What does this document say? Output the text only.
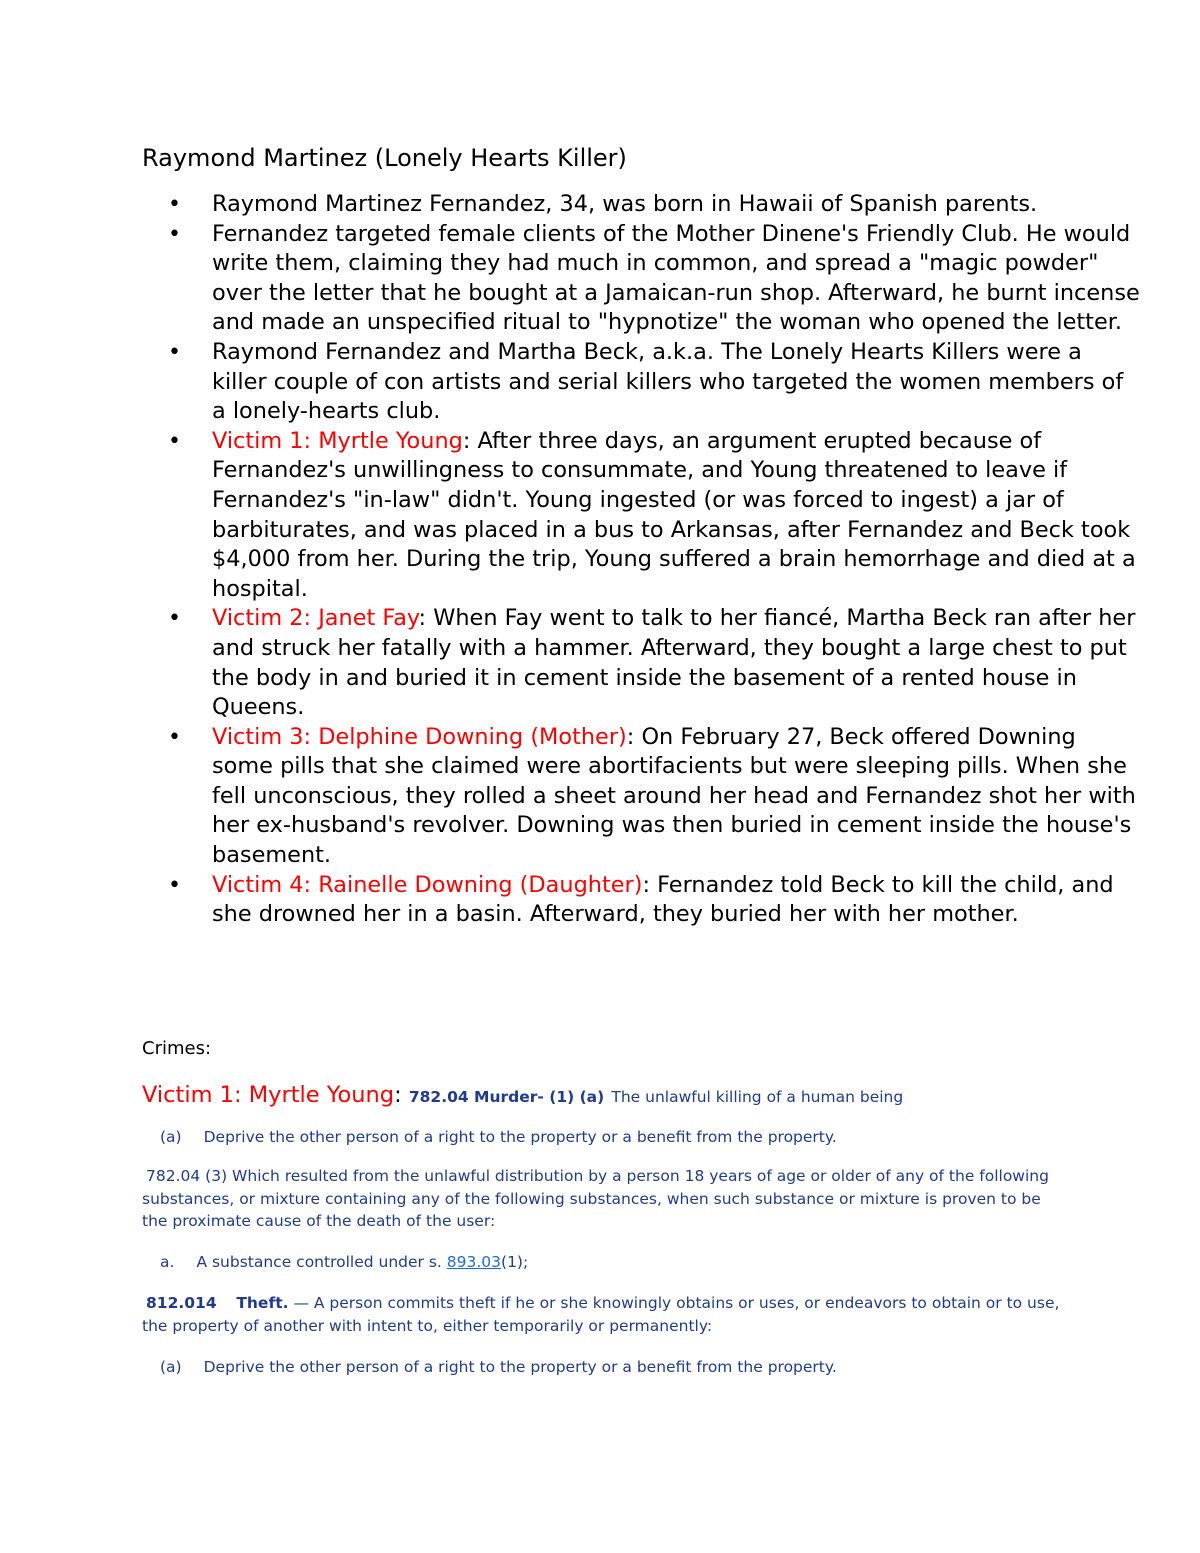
Raymond Martinez (Lonely Hearts Killer)
• Raymond Martinez Fernandez, 34, was born in Hawaii of Spanish parents.
• Fernandez targeted female clients of the Mother Dinene's Friendly Club. He would write them, claiming they had much in common, and spread a "magic powder" over the letter that he bought at a Jamaican-run shop. Afterward, he burnt incense and made an unspecified ritual to "hypnotize" the woman who opened the letter.
• Raymond Fernandez and Martha Beck, a.k.a. The Lonely Hearts Killers were a killer couple of con artists and serial killers who targeted the women members of a lonely-hearts club.
• Victim 1: Myrtle Young: After three days, an argument erupted because of Fernandez's unwillingness to consummate, and Young threatened to leave if Fernandez's "in-law" didn't. Young ingested (or was forced to ingest) a jar of barbiturates, and was placed in a bus to Arkansas, after Fernandez and Beck took $4,000 from her. During the trip, Young suffered a brain hemorrhage and died at a hospital.
• Victim 2: Janet Fay: When Fay went to talk to her fiancé, Martha Beck ran after her and struck her fatally with a hammer. Afterward, they bought a large chest to put the body in and buried it in cement inside the basement of a rented house in Queens.
• Victim 3: Delphine Downing (Mother): On February 27, Beck offered Downing some pills that she claimed were abortifacients but were sleeping pills. When she fell unconscious, they rolled a sheet around her head and Fernandez shot her with her ex-husband's revolver. Downing was then buried in cement inside the house's basement.
• Victim 4: Rainelle Downing (Daughter): Fernandez told Beck to kill the child, and she drowned her in a basin. Afterward, they buried her with her mother.
Crimes:
Victim 1: Myrtle Young: 782.04 Murder- (1) (a) The unlawful killing of a human being
(a) Deprive the other person of a right to the property or a benefit from the property.
782.04 (3) Which resulted from the unlawful distribution by a person 18 years of age or older of any of the following substances, or mixture containing any of the following substances, when such substance or mixture is proven to be the proximate cause of the death of the user:
a. A substance controlled under s. 893.03(1);
812.014 Theft. — A person commits theft if he or she knowingly obtains or uses, or endeavors to obtain or to use, the property of another with intent to, either temporarily or permanently:
(a) Deprive the other person of a right to the property or a benefit from the property.
